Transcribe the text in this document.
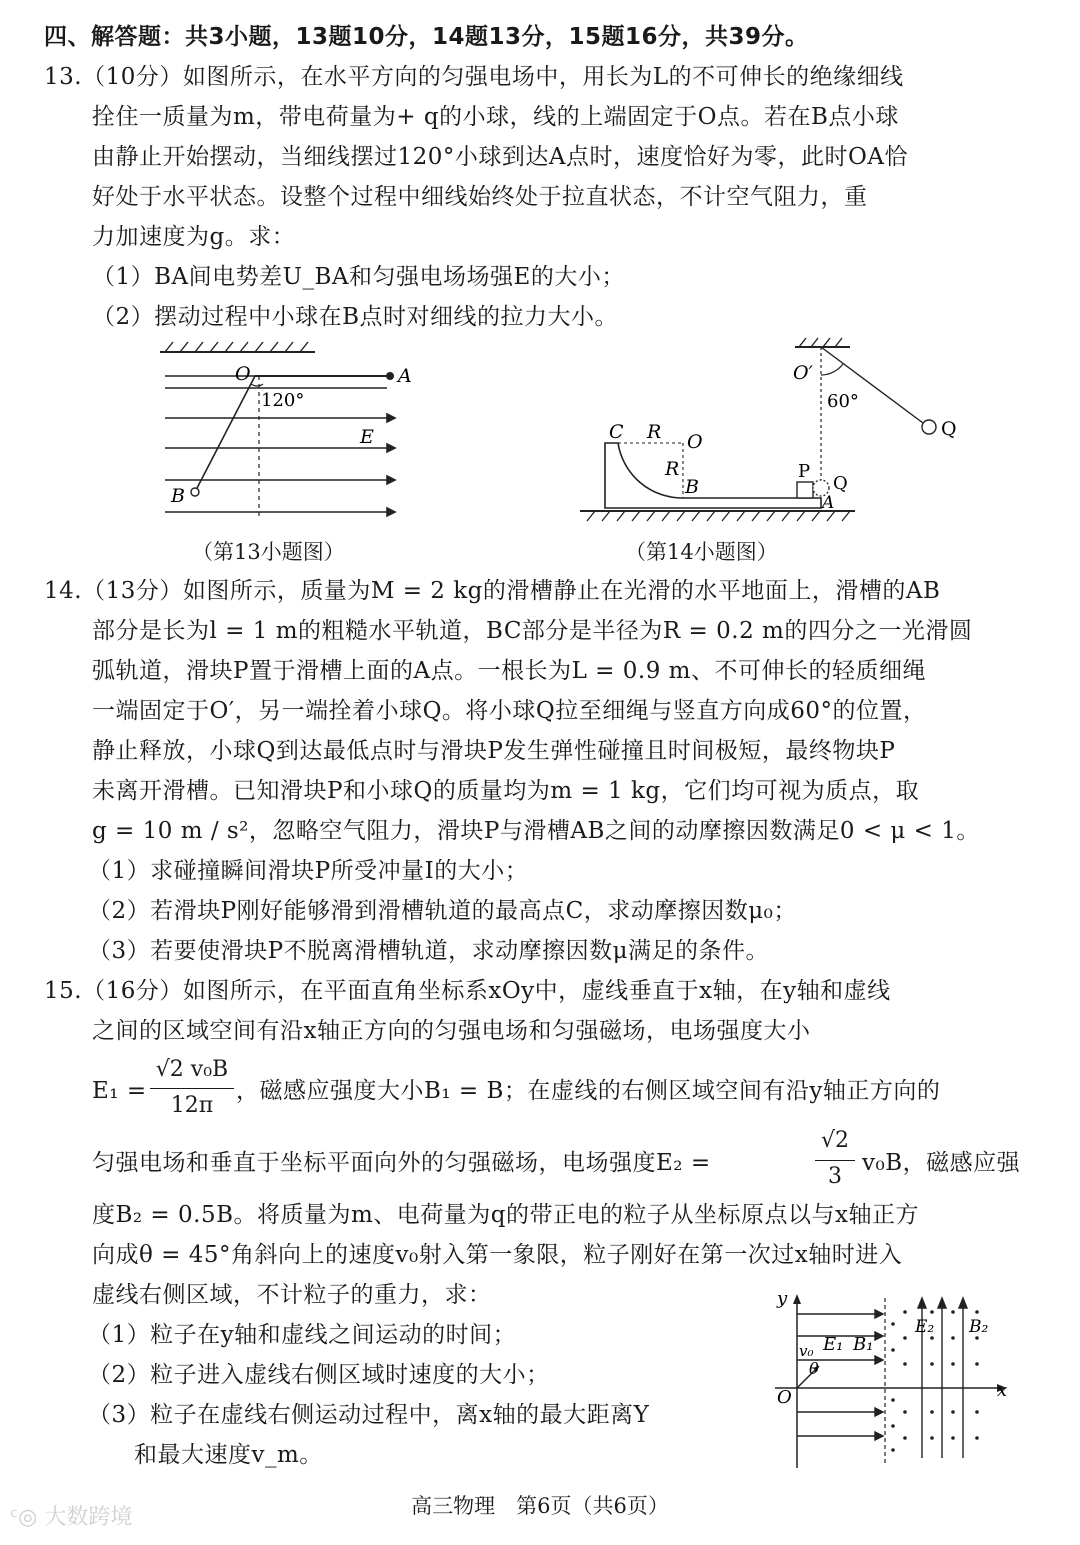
四、解答题：共3小题，13题10分，14题13分，15题16分，共39分。
13.（10分）如图所示，在水平方向的匀强电场中，用长为L的不可伸长的绝缘细线
拴住一质量为m，带电荷量为+ q的小球，线的上端固定于O点。若在B点小球
由静止开始摆动，当细线摆过120°小球到达A点时，速度恰好为零，此时OA恰
好处于水平状态。设整个过程中细线始终处于拉直状态，不计空气阻力，重
力加速度为g。求：
（1）BA间电势差U_BA和匀强电场场强E的大小；
（2）摆动过程中小球在B点时对细线的拉力大小。
O	A
B
E
120°
（第13小题图）
O′
60°
Q
C R O
R
B
P
Q
A
（第14小题图）
14.（13分）如图所示，质量为M = 2 kg的滑槽静止在光滑的水平地面上，滑槽的AB
部分是长为l = 1 m的粗糙水平轨道，BC部分是半径为R = 0.2 m的四分之一光滑圆
弧轨道，滑块P置于滑槽上面的A点。一根长为L = 0.9 m、不可伸长的轻质细绳
一端固定于O′，另一端拴着小球Q。将小球Q拉至细绳与竖直方向成60°的位置，
静止释放，小球Q到达最低点时与滑块P发生弹性碰撞且时间极短，最终物块P
未离开滑槽。已知滑块P和小球Q的质量均为m = 1 kg，它们均可视为质点，取
g = 10 m / s²，忽略空气阻力，滑块P与滑槽AB之间的动摩擦因数满足0 < μ < 1。
（1）求碰撞瞬间滑块P所受冲量I的大小；
（2）若滑块P刚好能够滑到滑槽轨道的最高点C，求动摩擦因数μ₀；
（3）若要使滑块P不脱离滑槽轨道，求动摩擦因数μ满足的条件。
15.（16分）如图所示，在平面直角坐标系xOy中，虚线垂直于x轴，在y轴和虚线
之间的区域空间有沿x轴正方向的匀强电场和匀强磁场，电场强度大小
E₁ =
√2 v₀B
12π
，磁感应强度大小B₁ = B；在虚线的右侧区域空间有沿y轴正方向的
匀强电场和垂直于坐标平面向外的匀强磁场，电场强度E₂ =
√2
3
v₀B，磁感应强
度B₂ = 0.5B。将质量为m、电荷量为q的带正电的粒子从坐标原点以与x轴正方
向成θ = 45°角斜向上的速度v₀射入第一象限，粒子刚好在第一次过x轴时进入
虚线右侧区域，不计粒子的重力，求：
（1）粒子在y轴和虚线之间运动的时间；
（2）粒子进入虚线右侧区域时速度的大小；
（3）粒子在虚线右侧运动过程中，离x轴的最大距离Y
和最大速度v_m。
y
x
O
v₀
θ
E₁ B₁
E₂ B₂
高三物理　第6页（共6页）
ᶜ◎ 大数跨境
